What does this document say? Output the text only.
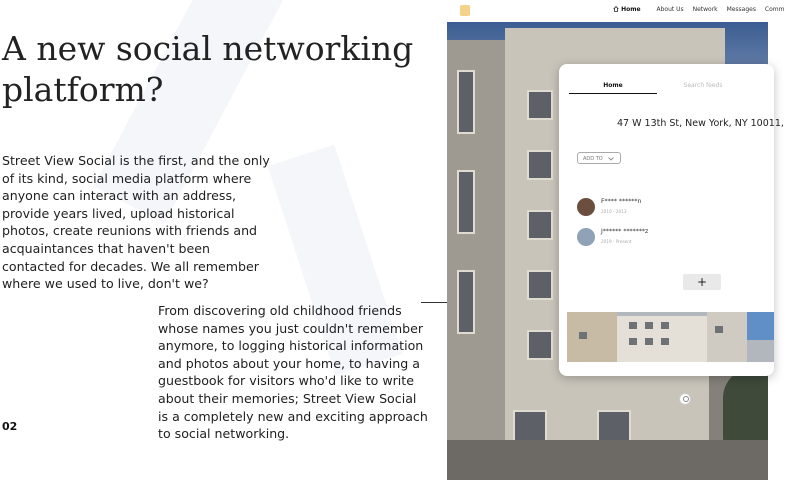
A new social networking platform?

Street View Social is the first, and the only of its kind, social media platform where anyone can interact with an address, provide years lived, upload historical photos, create reunions with friends and acquaintances that haven't been contacted for decades. We all remember where we used to live, don't we?

From discovering old childhood friends whose names you just couldn't remember anymore, to logging historical information and photos about your home, to having a guestbook for visitors who'd like to write about their memories; Street View Social is a completely new and exciting approach to social networking.

02
Home	About Us Network Messages Comm
Home	Search feeds
47 W 13th St, New York, NY 10011,
ADD TO
F**** ******n
2010 - 2013
J****** *******z
2019 - Present
+
